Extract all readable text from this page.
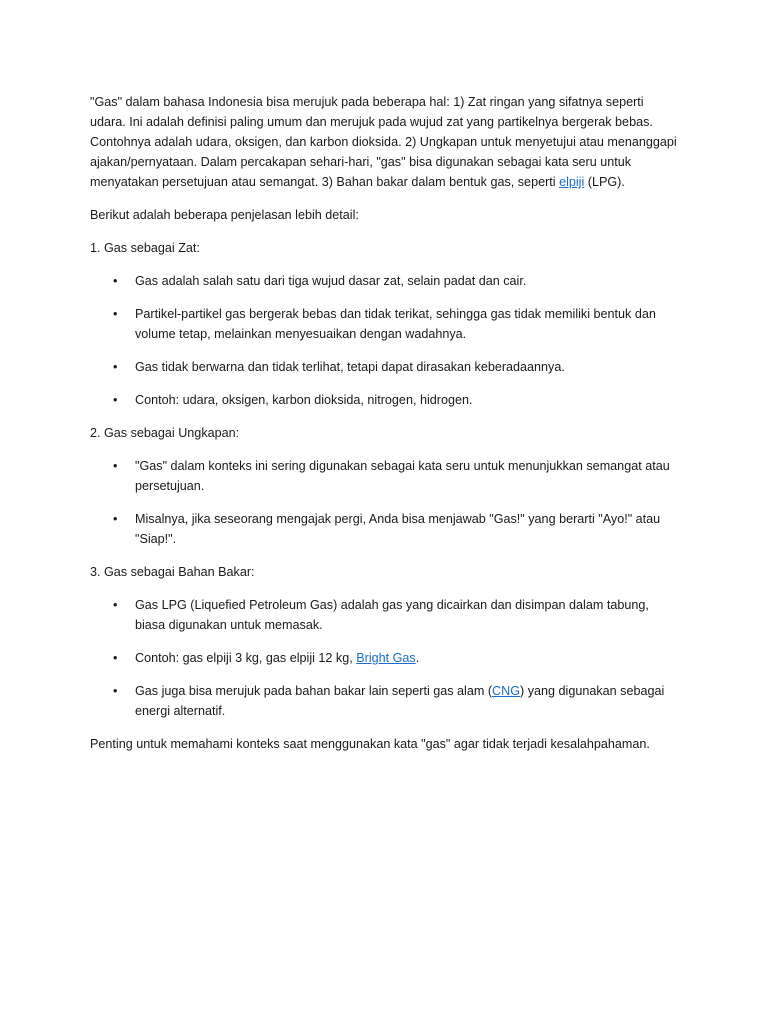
"Gas" dalam bahasa Indonesia bisa merujuk pada beberapa hal: 1) Zat ringan yang sifatnya seperti udara. Ini adalah definisi paling umum dan merujuk pada wujud zat yang partikelnya bergerak bebas. Contohnya adalah udara, oksigen, dan karbon dioksida. 2) Ungkapan untuk menyetujui atau menanggapi ajakan/pernyataan. Dalam percakapan sehari-hari, "gas" bisa digunakan sebagai kata seru untuk menyatakan persetujuan atau semangat. 3) Bahan bakar dalam bentuk gas, seperti elpiji (LPG).

Berikut adalah beberapa penjelasan lebih detail:

1. Gas sebagai Zat:

• Gas adalah salah satu dari tiga wujud dasar zat, selain padat dan cair.
• Partikel-partikel gas bergerak bebas dan tidak terikat, sehingga gas tidak memiliki bentuk dan volume tetap, melainkan menyesuaikan dengan wadahnya.
• Gas tidak berwarna dan tidak terlihat, tetapi dapat dirasakan keberadaannya.
• Contoh: udara, oksigen, karbon dioksida, nitrogen, hidrogen.

2. Gas sebagai Ungkapan:

• "Gas" dalam konteks ini sering digunakan sebagai kata seru untuk menunjukkan semangat atau persetujuan.
• Misalnya, jika seseorang mengajak pergi, Anda bisa menjawab "Gas!" yang berarti "Ayo!" atau "Siap!".

3. Gas sebagai Bahan Bakar:

• Gas LPG (Liquefied Petroleum Gas) adalah gas yang dicairkan dan disimpan dalam tabung, biasa digunakan untuk memasak.
• Contoh: gas elpiji 3 kg, gas elpiji 12 kg, Bright Gas.
• Gas juga bisa merujuk pada bahan bakar lain seperti gas alam (CNG) yang digunakan sebagai energi alternatif.

Penting untuk memahami konteks saat menggunakan kata "gas" agar tidak terjadi kesalahpahaman.
